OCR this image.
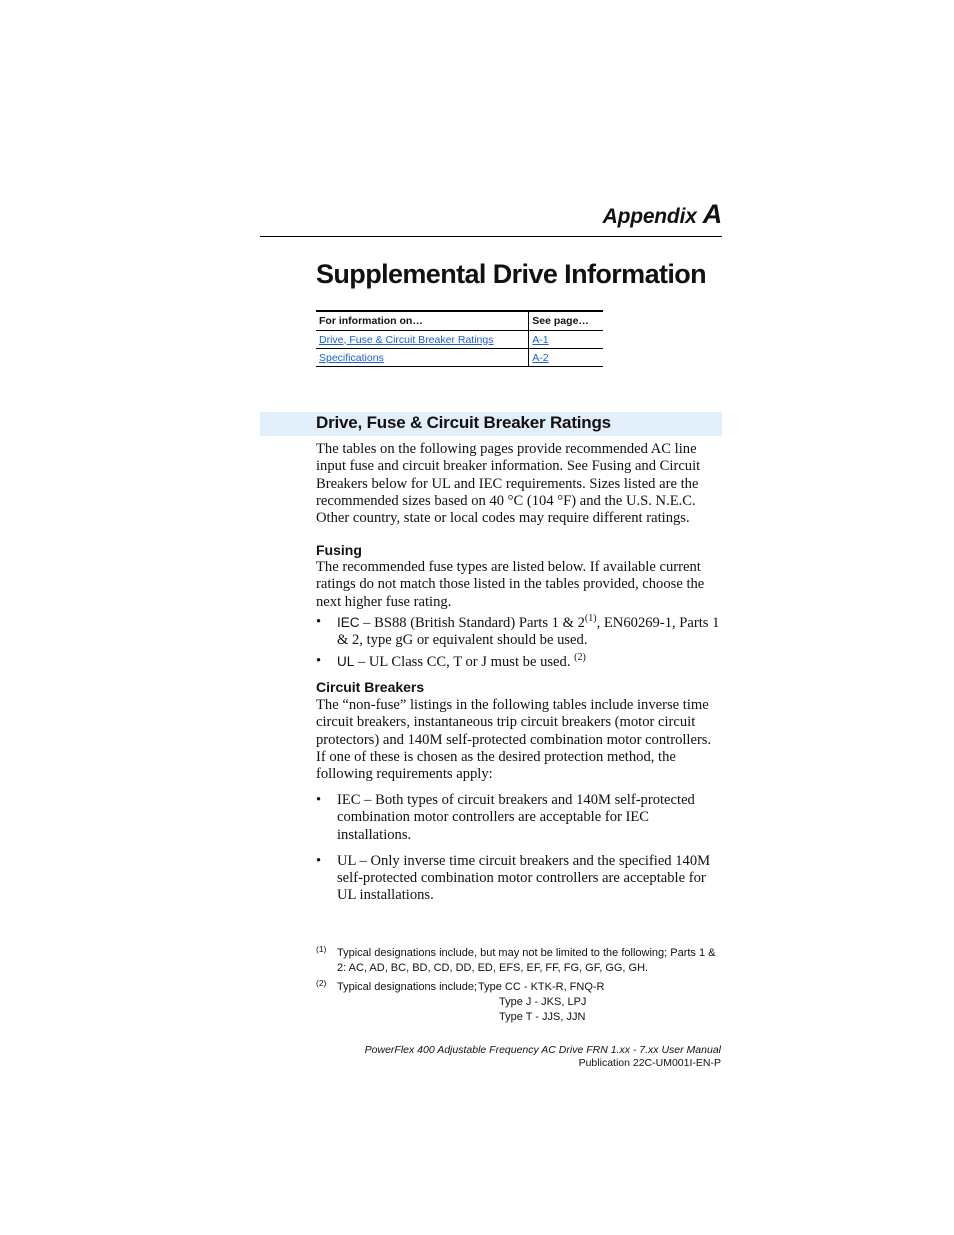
Appendix A
Supplemental Drive Information
For information on…	See page…
Drive, Fuse & Circuit Breaker Ratings	A-1
Specifications	A-2
Drive, Fuse & Circuit Breaker Ratings

The tables on the following pages provide recommended AC line input fuse and circuit breaker information. See Fusing and Circuit Breakers below for UL and IEC requirements. Sizes listed are the recommended sizes based on 40 °C (104 °F) and the U.S. N.E.C. Other country, state or local codes may require different ratings.

Fusing

The recommended fuse types are listed below. If available current ratings do not match those listed in the tables provided, choose the next higher fuse rating.

• IEC – BS88 (British Standard) Parts 1 & 2$^{(1)}$, EN60269-1, Parts 1 & 2, type gG or equivalent should be used.
• UL – UL Class CC, T or J must be used. $^{(2)}$
Circuit Breakers

The “non-fuse” listings in the following tables include inverse time circuit breakers, instantaneous trip circuit breakers (motor circuit protectors) and 140M self-protected combination motor controllers. If one of these is chosen as the desired protection method, the following requirements apply:

• IEC – Both types of circuit breakers and 140M self-protected combination motor controllers are acceptable for IEC installations.
• UL – Only inverse time circuit breakers and the specified 140M self-protected combination motor controllers are acceptable for UL installations.
(1) Typical designations include, but may not be limited to the following; Parts 1 & 2: AC, AD, BC, BD, CD, DD, ED, EFS, EF, FF, FG, GF, GG, GH.
(2) Typical designations include;Type CC - KTK-R, FNQ-R
Type J - JKS, LPJ
Type T - JJS, JJN
PowerFlex 400 Adjustable Frequency AC Drive FRN 1.xx - 7.xx User Manual
Publication 22C-UM001I-EN-P
